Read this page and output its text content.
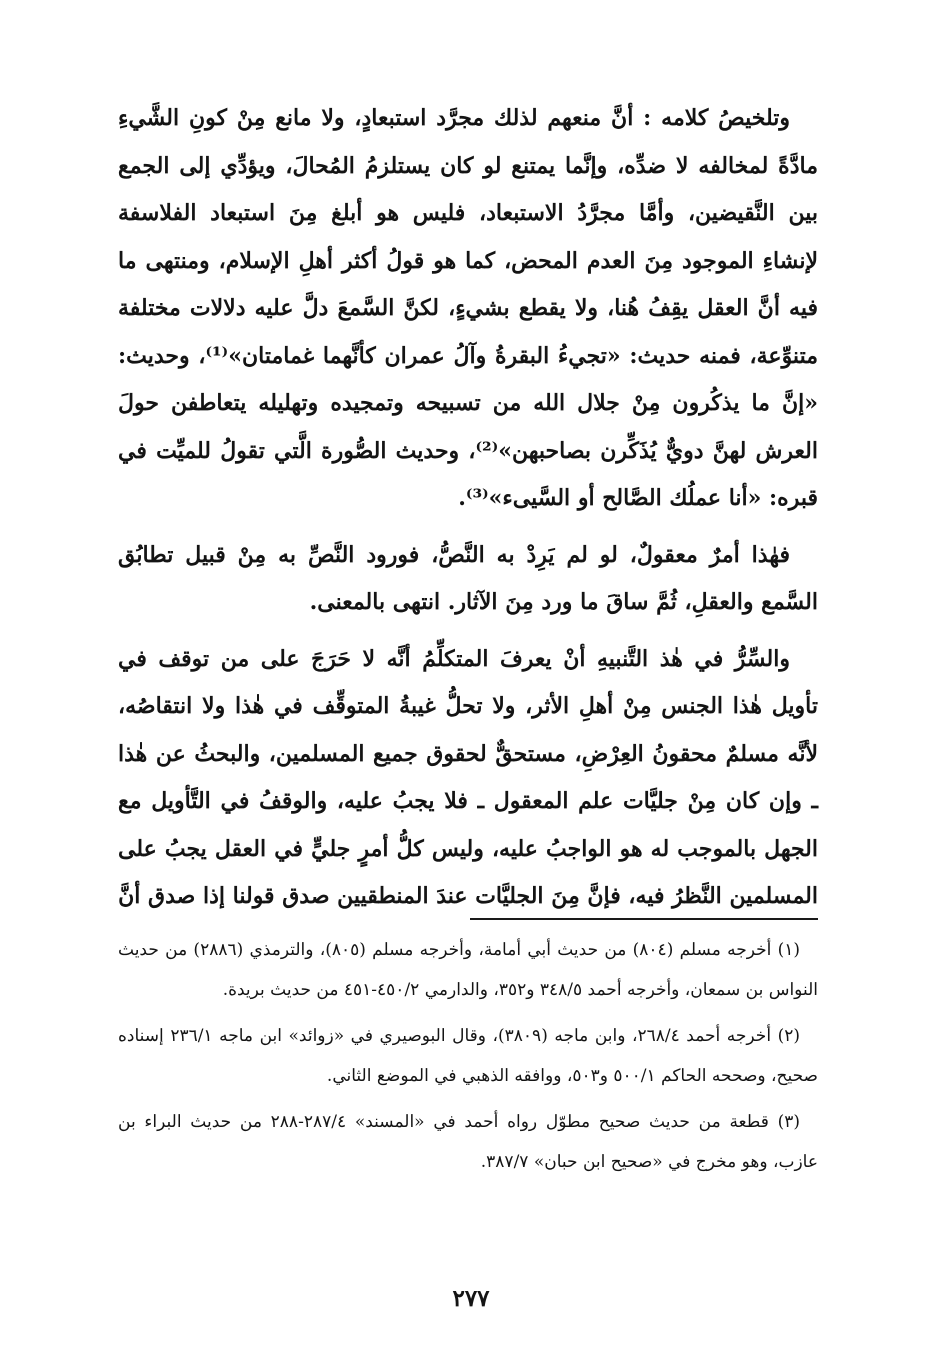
وتلخيصُ كلامه : أنَّ منعهم لذلك مجرَّد استبعادٍ، ولا مانع مِنْ كونِ الشَّيءِ مادَّةً لمخالفه لا ضدِّه، وإنَّما يمتنع لو كان يستلزمُ المُحالَ، ويؤدِّي إلى الجمع بين النَّقيضين، وأمَّا مجرَّدُ الاستبعاد، فليس هو أبلغ مِنَ استبعاد الفلاسفة لإنشاءِ الموجود مِنَ العدم المحض، كما هو قولُ أكثر أهلِ الإسلام، ومنتهى ما فيه أنَّ العقل يقِفُ هُنا، ولا يقطع بشيءٍ، لكنَّ السَّمعَ دلَّ عليه دلالات مختلفة متنوِّعة، فمنه حديث: «تجيءُ البقرةُ وآلُ عمران كأنَّهما غمامتان»⁽¹⁾، وحديث: «إنَّ ما يذكُرون مِنْ جلال الله من تسبيحه وتمجيده وتهليله يتعاطفن حولَ العرش لهنَّ دويٌّ يُذَكِّرن بصاحبهن»⁽²⁾، وحديث الصُّورة الَّتي تقولُ للميِّت في قبره: «أنا عملُك الصَّالح أو السَّيىء»⁽³⁾.

فهٰذا أمرٌ معقولٌ، لو لم يَرِدْ به النَّصُّ، فورود النَّصِّ به مِنْ قبيل تطابُق السَّمع والعقلِ، ثُمَّ ساقَ ما ورد مِنَ الآثار. انتهى بالمعنى.

والسِّرُّ في هٰذ التَّنبيهِ أنْ يعرفَ المتكلِّمُ أنَّه لا حَرَجَ على من توقف في تأويل هٰذا الجنس مِنْ أهلِ الأثر، ولا تحلُّ غيبةُ المتوقِّف في هٰذا ولا انتقاصُه، لأنَّه مسلمٌ محقونُ العِرْضِ، مستحقٌّ لحقوق جميع المسلمين، والبحثُ عن هٰذا ـ وإن كان مِنْ جليَّات علم المعقول ـ فلا يجبُ عليه، والوقفُ في التَّأويل مع الجهل بالموجب له هو الواجبُ عليه، وليس كلُّ أمرٍ جليٍّ في العقل يجبُ على المسلمين النَّظرُ فيه، فإنَّ مِنَ الجليَّات عندَ المنطقيين صدق قولنا إذا صدق أنَّ

(١) أخرجه مسلم (٨٠٤) من حديث أبي أمامة، وأخرجه مسلم (٨٠٥)، والترمذي (٢٨٨٦) من حديث النواس بن سمعان، وأخرجه أحمد ٣٤٨/٥ و٣٥٢، والدارمي ٤٥٠/٢-٤٥١ من حديث بريدة.

(٢) أخرجه أحمد ٢٦٨/٤، وابن ماجه (٣٨٠٩)، وقال البوصيري في «زوائد» ابن ماجه ٢٣٦/١ إسناده صحيح، وصححه الحاكم ٥٠٠/١ و٥٠٣، ووافقه الذهبي في الموضع الثاني.

(٣) قطعة من حديث صحيح مطوّل رواه أحمد في «المسند» ٢٨٧/٤-٢٨٨ من حديث البراء بن عازب، وهو مخرج في «صحيح ابن حبان» ٣٨٧/٧.

٢٧٧
